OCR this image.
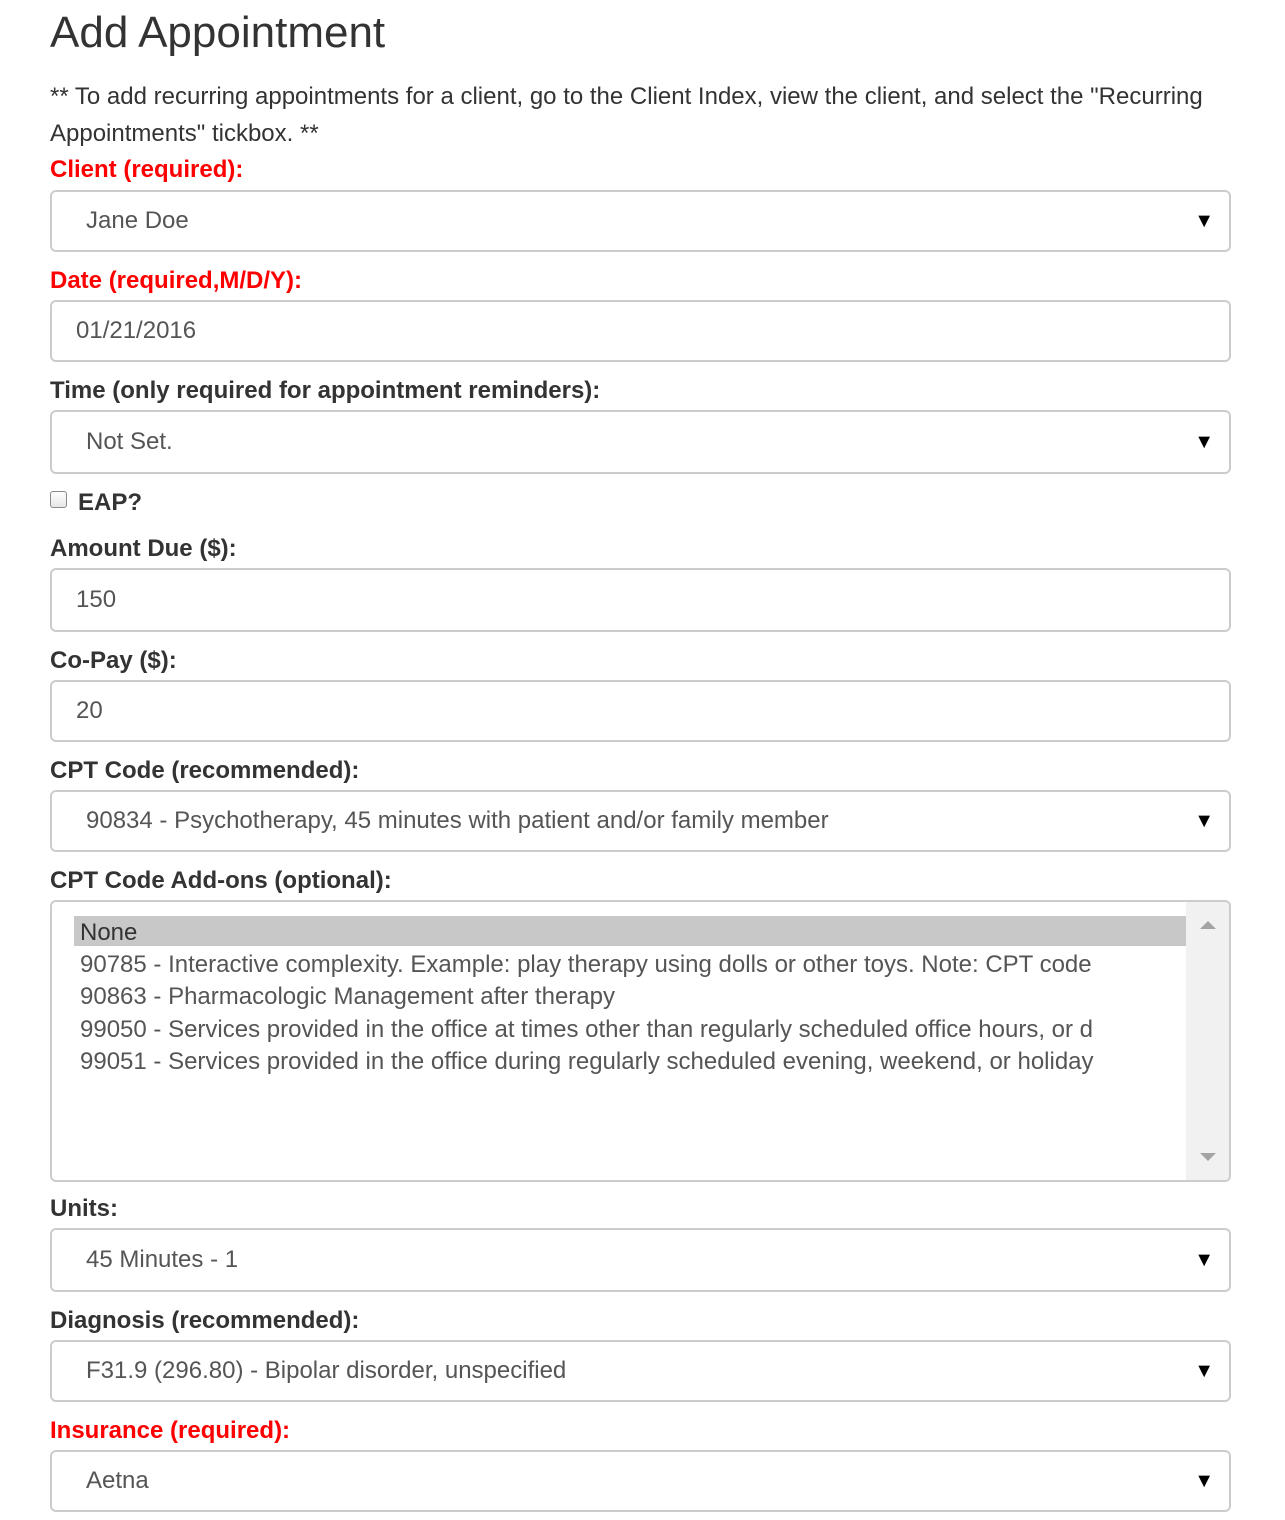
Add Appointment
** To add recurring appointments for a client, go to the Client Index, view the client, and select the "Recurring Appointments" tickbox. **
Client (required):
Jane Doe	▼
Date (required,M/D/Y):
01/21/2016
Time (only required for appointment reminders):
Not Set.	▼
EAP?
Amount Due ($):
150
Co-Pay ($):
20
CPT Code (recommended):
90834 - Psychotherapy, 45 minutes with patient and/or family member	▼
CPT Code Add-ons (optional):
None
90785 - Interactive complexity. Example: play therapy using dolls or other toys. Note: CPT code
90863 - Pharmacologic Management after therapy
99050 - Services provided in the office at times other than regularly scheduled office hours, or d
99051 - Services provided in the office during regularly scheduled evening, weekend, or holiday
Units:
45 Minutes - 1	▼
Diagnosis (recommended):
F31.9 (296.80) - Bipolar disorder, unspecified	▼
Insurance (required):
Aetna	▼
